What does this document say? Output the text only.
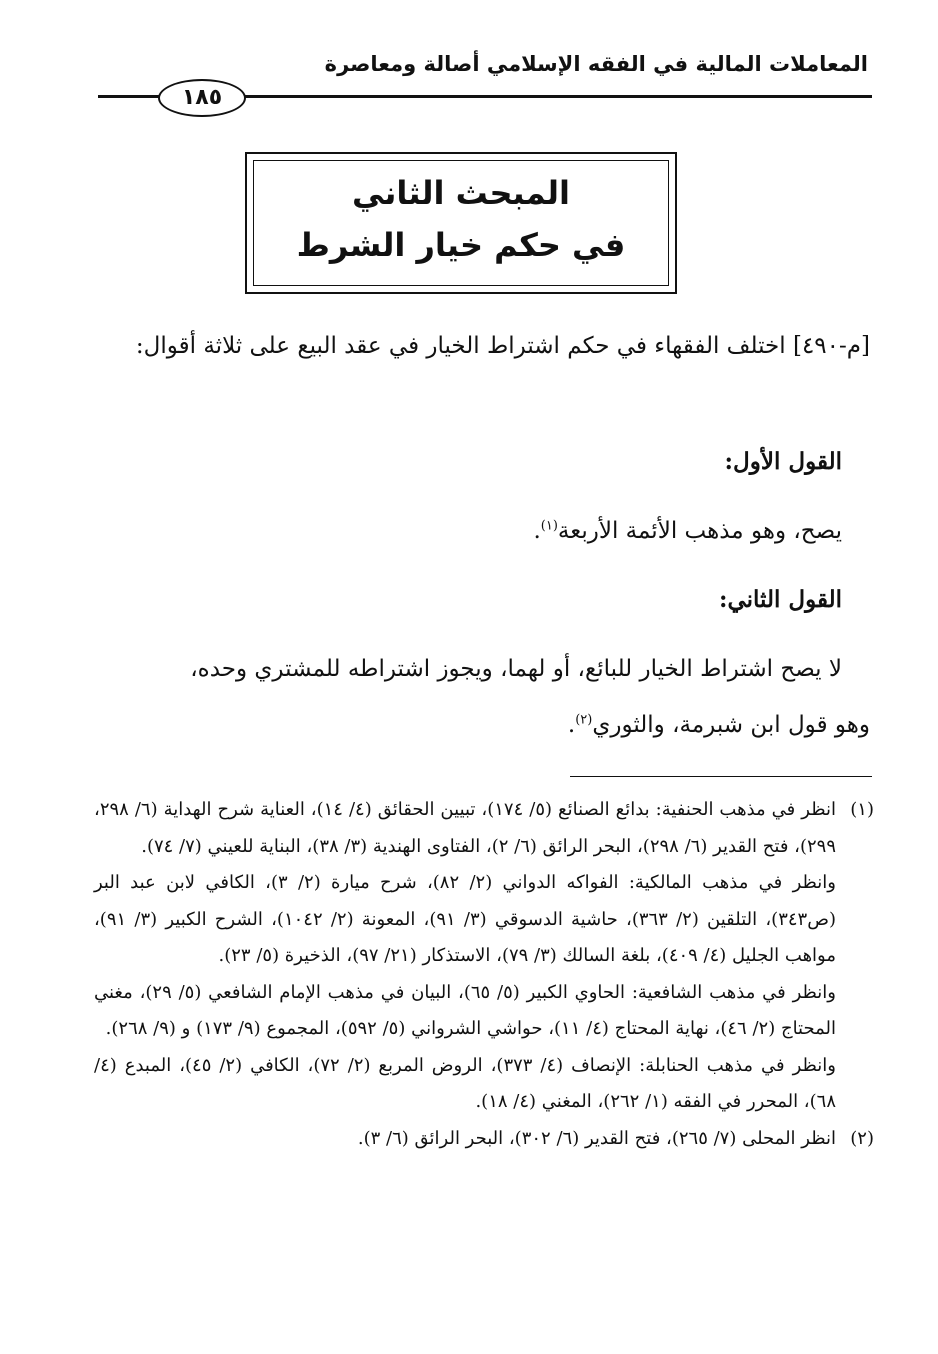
المعاملات المالية في الفقه الإسلامي أصالة ومعاصرة
١٨٥
المبحث الثاني
في حكم خيار الشرط
[م-٤٩٠] اختلف الفقهاء في حكم اشتراط الخيار في عقد البيع على ثلاثة أقوال:
القول الأول:
يصح، وهو مذهب الأئمة الأربعة$^{(١)}$.
القول الثاني:
لا يصح اشتراط الخيار للبائع، أو لهما، ويجوز اشتراطه للمشتري وحده،
وهو قول ابن شبرمة، والثوري$^{(٢)}$.
(١)
انظر في مذهب الحنفية: بدائع الصنائع (٥/ ١٧٤)، تبيين الحقائق (٤/ ١٤)، العناية شرح الهداية (٦/ ٢٩٨، ٢٩٩)، فتح القدير (٦/ ٢٩٨)، البحر الرائق (٦/ ٢)، الفتاوى الهندية (٣/ ٣٨)، البناية للعيني (٧/ ٧٤).
وانظر في مذهب المالكية: الفواكه الدواني (٢/ ٨٢)، شرح ميارة (٢/ ٣)، الكافي لابن عبد البر (ص٣٤٣)، التلقين (٢/ ٣٦٣)، حاشية الدسوقي (٣/ ٩١)، المعونة (٢/ ١٠٤٢)، الشرح الكبير (٣/ ٩١)، مواهب الجليل (٤/ ٤٠٩)، بلغة السالك (٣/ ٧٩)، الاستذكار (٢١/ ٩٧)، الذخيرة (٥/ ٢٣).
وانظر في مذهب الشافعية: الحاوي الكبير (٥/ ٦٥)، البيان في مذهب الإمام الشافعي (٥/ ٢٩)، مغني المحتاج (٢/ ٤٦)، نهاية المحتاج (٤/ ١١)، حواشي الشرواني (٥/ ٥٩٢)، المجموع (٩/ ١٧٣) و (٩/ ٢٦٨).
وانظر في مذهب الحنابلة: الإنصاف (٤/ ٣٧٣)، الروض المربع (٢/ ٧٢)، الكافي (٢/ ٤٥)، المبدع (٤/ ٦٨)، المحرر في الفقه (١/ ٢٦٢)، المغني (٤/ ١٨).
(٢)
انظر المحلى (٧/ ٢٦٥)، فتح القدير (٦/ ٣٠٢)، البحر الرائق (٦/ ٣).
